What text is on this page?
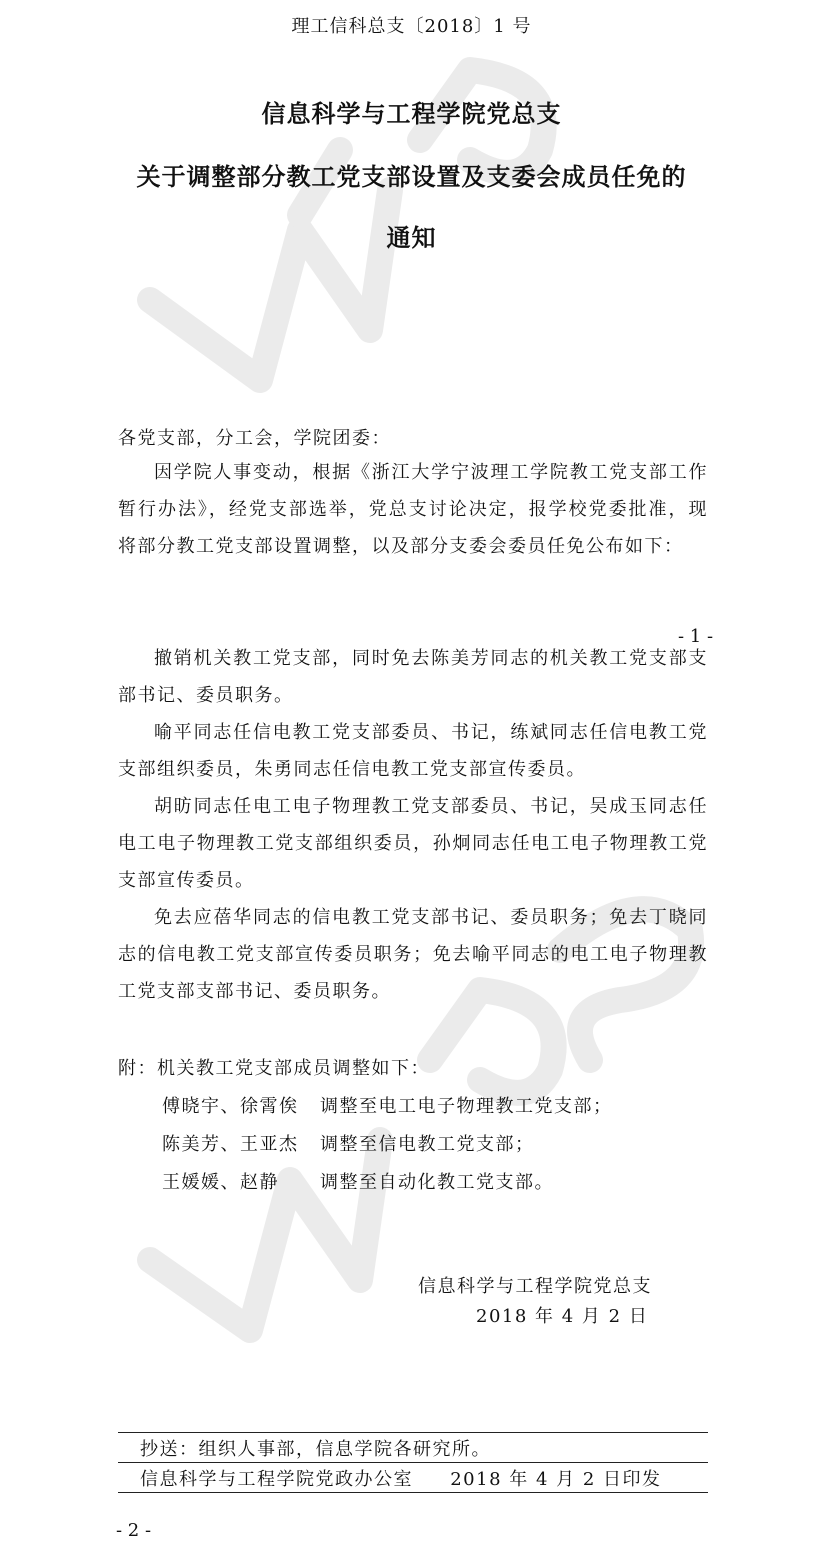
理工信科总支〔2018〕1 号
信息科学与工程学院党总支
关于调整部分教工党支部设置及支委会成员任免的
通知
各党支部，分工会，学院团委：

因学院人事变动，根据《浙江大学宁波理工学院教工党支部工作暂行办法》，经党支部选举，党总支讨论决定，报学校党委批准，现将部分教工党支部设置调整，以及部分支委会委员任免公布如下：

- 1 -

撤销机关教工党支部，同时免去陈美芳同志的机关教工党支部支部书记、委员职务。

喻平同志任信电教工党支部委员、书记，练斌同志任信电教工党支部组织委员，朱勇同志任信电教工党支部宣传委员。

胡昉同志任电工电子物理教工党支部委员、书记，吴成玉同志任电工电子物理教工党支部组织委员，孙炯同志任电工电子物理教工党支部宣传委员。

免去应蓓华同志的信电教工党支部书记、委员职务；免去丁晓同志的信电教工党支部宣传委员职务；免去喻平同志的电工电子物理教工党支部支部书记、委员职务。

附：机关教工党支部成员调整如下：
傅晓宇、徐霄俟	调整至电工电子物理教工党支部；
陈美芳、王亚杰	调整至信电教工党支部；
王媛媛、赵静	调整至自动化教工党支部。
信息科学与工程学院党总支
2018 年 4 月 2 日
抄送：组织人事部，信息学院各研究所。
信息科学与工程学院党政办公室 2018 年 4 月 2 日印发
- 2 -
